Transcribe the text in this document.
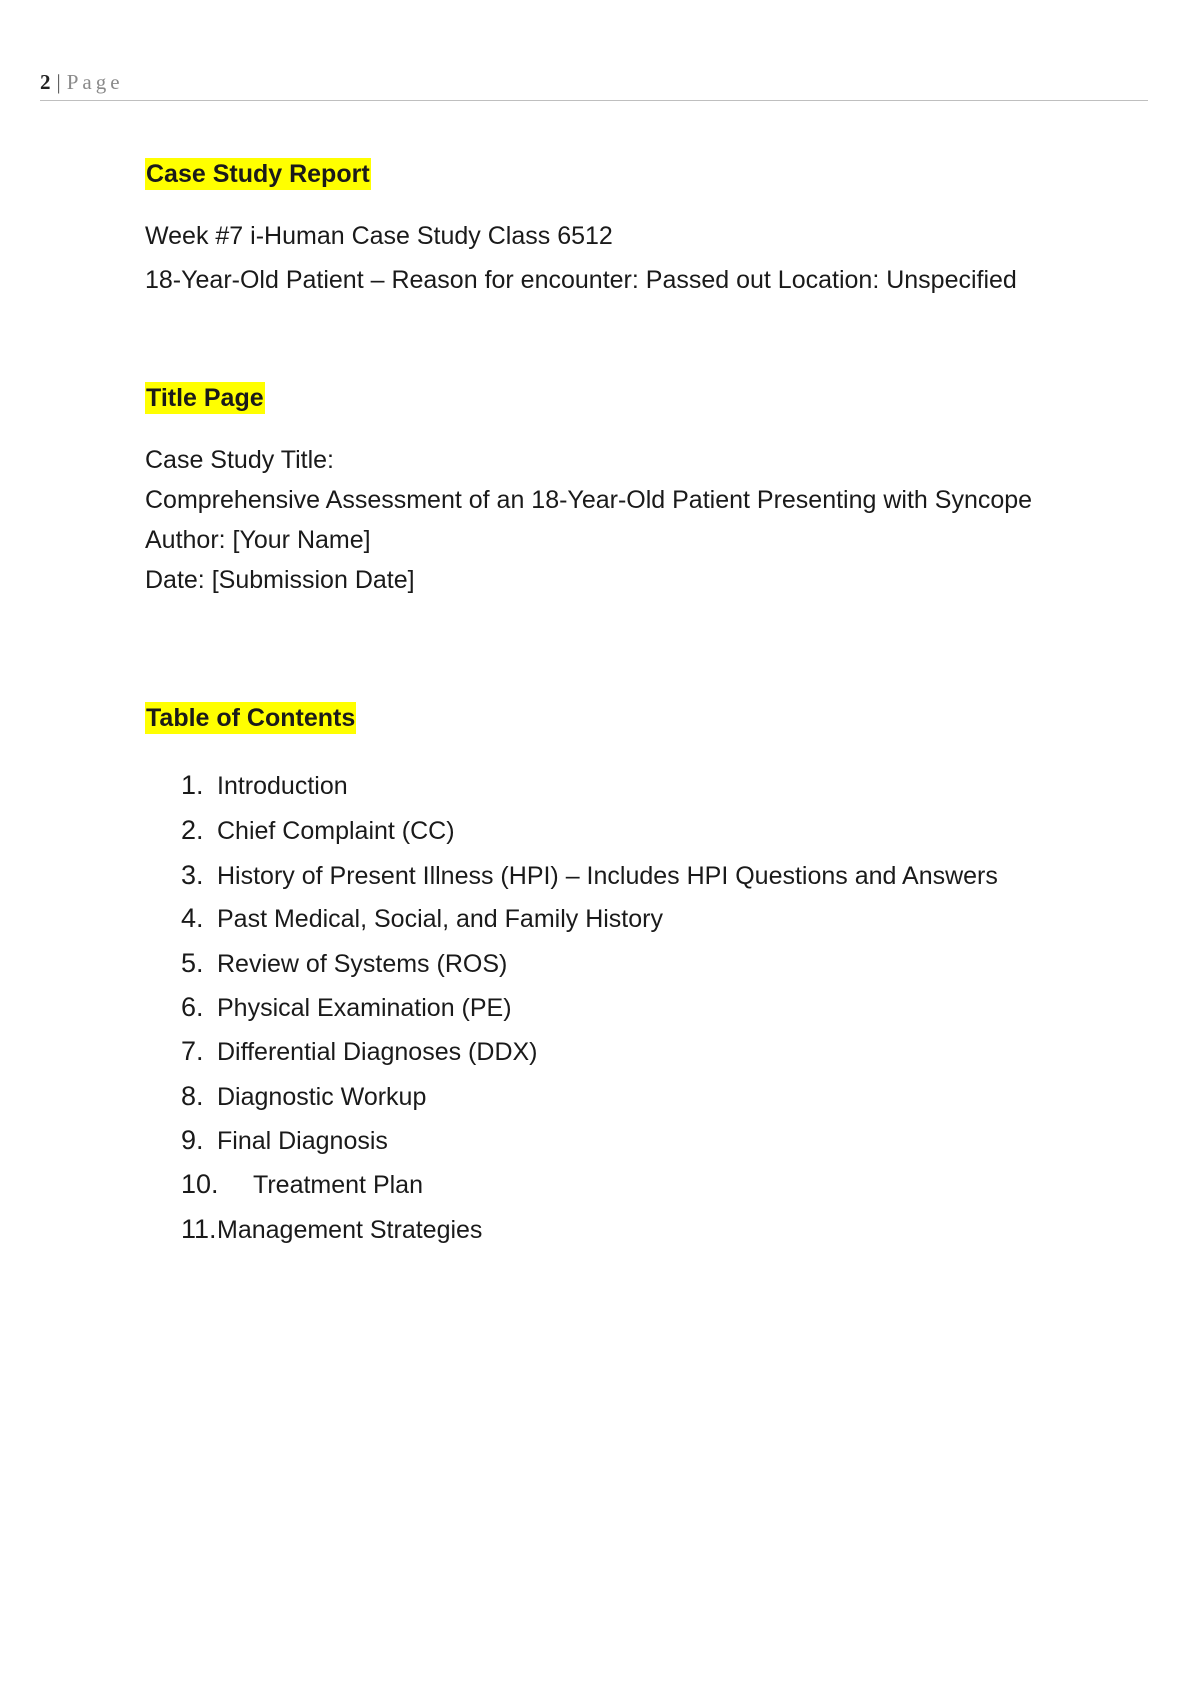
2 | Page
Case Study Report
Week #7 i-Human Case Study Class 6512
18-Year-Old Patient – Reason for encounter: Passed out Location: Unspecified
Title Page
Case Study Title:
Comprehensive Assessment of an 18-Year-Old Patient Presenting with Syncope
Author: [Your Name]
Date: [Submission Date]
Table of Contents
1. Introduction
2. Chief Complaint (CC)
3. History of Present Illness (HPI) – Includes HPI Questions and Answers
4. Past Medical, Social, and Family History
5. Review of Systems (ROS)
6. Physical Examination (PE)
7. Differential Diagnoses (DDX)
8. Diagnostic Workup
9. Final Diagnosis
10. Treatment Plan
11.Management Strategies
